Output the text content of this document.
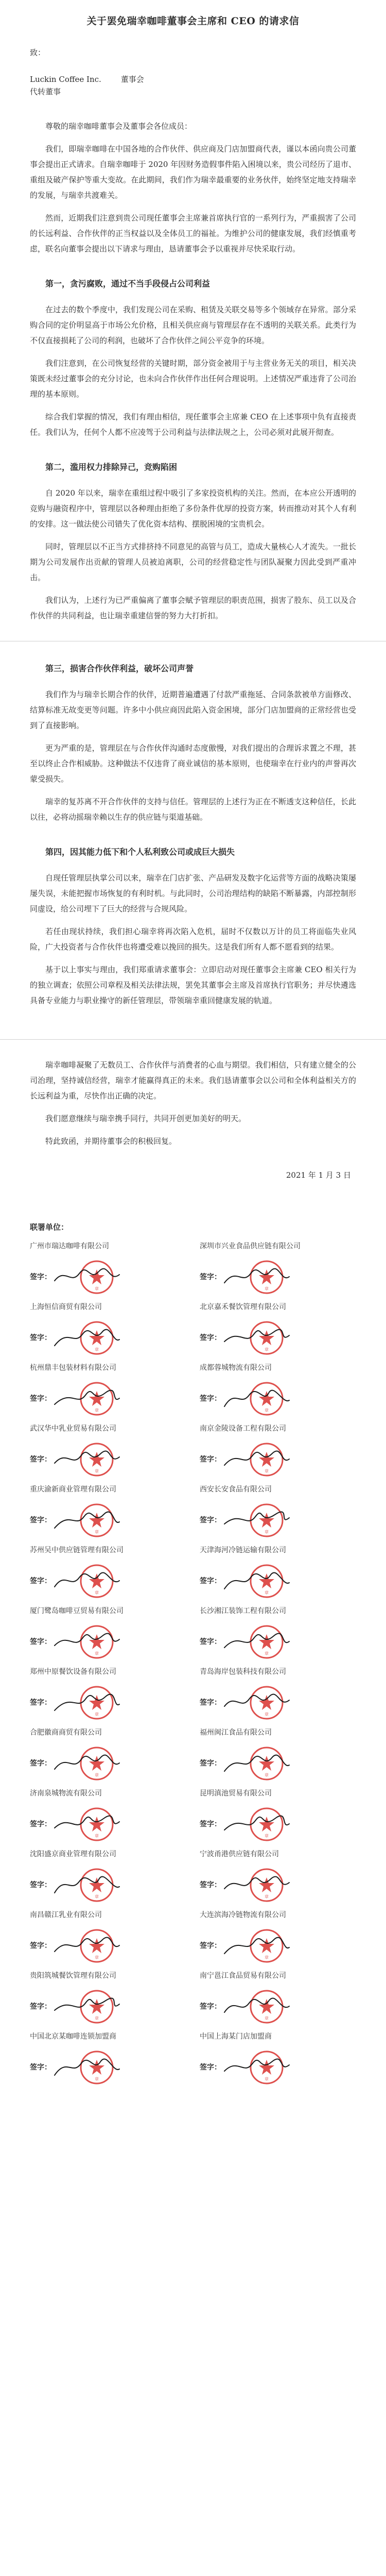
关于罢免瑞幸咖啡董事会主席和 CEO 的请求信

致：

Luckin Coffee Inc.	董事会

代转董事

尊敬的瑞幸咖啡董事会及董事会各位成员：

我们，即瑞幸咖啡在中国各地的合作伙伴、供应商及门店加盟商代表，谨以本函向贵公司董事会提出正式请求。自瑞幸咖啡于 2020 年因财务造假事件陷入困境以来，贵公司经历了退市、重组及破产保护等重大变故。在此期间，我们作为瑞幸最重要的业务伙伴，始终坚定地支持瑞幸的发展，与瑞幸共渡难关。

然而，近期我们注意到贵公司现任董事会主席兼首席执行官的一系列行为，严重损害了公司的长远利益、合作伙伴的正当权益以及全体员工的福祉。为维护公司的健康发展，我们经慎重考虑，联名向董事会提出以下请求与理由，恳请董事会予以重视并尽快采取行动。

第一，贪污腐败，通过不当手段侵占公司利益

在过去的数个季度中，我们发现公司在采购、租赁及关联交易等多个领域存在异常。部分采购合同的定价明显高于市场公允价格，且相关供应商与管理层存在不透明的关联关系。此类行为不仅直接损耗了公司的利润，也破坏了合作伙伴之间公平竞争的环境。

我们注意到，在公司恢复经营的关键时期，部分资金被用于与主营业务无关的项目，相关决策既未经过董事会的充分讨论，也未向合作伙伴作出任何合理说明。上述情况严重违背了公司治理的基本原则。

综合我们掌握的情况，我们有理由相信，现任董事会主席兼 CEO 在上述事项中负有直接责任。我们认为，任何个人都不应凌驾于公司利益与法律法规之上，公司必须对此展开彻查。

第二，滥用权力排除异己，竞购陷困

自 2020 年以来，瑞幸在重组过程中吸引了多家投资机构的关注。然而，在本应公开透明的竞购与融资程序中，管理层以各种理由拒绝了多份条件优厚的投资方案，转而推动对其个人有利的安排。这一做法使公司错失了优化资本结构、摆脱困境的宝贵机会。

同时，管理层以不正当方式排挤持不同意见的高管与员工，造成大量核心人才流失。一批长期为公司发展作出贡献的管理人员被迫离职，公司的经营稳定性与团队凝聚力因此受到严重冲击。

我们认为，上述行为已严重偏离了董事会赋予管理层的职责范围，损害了股东、员工以及合作伙伴的共同利益，也让瑞幸重建信誉的努力大打折扣。

第三，损害合作伙伴利益，破坏公司声誉

我们作为与瑞幸长期合作的伙伴，近期普遍遭遇了付款严重拖延、合同条款被单方面修改、结算标准无故变更等问题。许多中小供应商因此陷入资金困境，部分门店加盟商的正常经营也受到了直接影响。

更为严重的是，管理层在与合作伙伴沟通时态度傲慢，对我们提出的合理诉求置之不理，甚至以终止合作相威胁。这种做法不仅违背了商业诚信的基本原则，也使瑞幸在行业内的声誉再次蒙受损失。

瑞幸的复苏离不开合作伙伴的支持与信任。管理层的上述行为正在不断透支这种信任，长此以往，必将动摇瑞幸赖以生存的供应链与渠道基础。

第四，因其能力低下和个人私利致公司或成巨大损失

自现任管理层执掌公司以来，瑞幸在门店扩张、产品研发及数字化运营等方面的战略决策屡屡失误，未能把握市场恢复的有利时机。与此同时，公司治理结构的缺陷不断暴露，内部控制形同虚设，给公司埋下了巨大的经营与合规风险。

若任由现状持续，我们担心瑞幸将再次陷入危机，届时不仅数以万计的员工将面临失业风险，广大投资者与合作伙伴也将遭受难以挽回的损失。这是我们所有人都不愿看到的结果。

基于以上事实与理由，我们郑重请求董事会：立即启动对现任董事会主席兼 CEO 相关行为的独立调查；依照公司章程及相关法律法规，罢免其董事会主席及首席执行官职务；并尽快遴选具备专业能力与职业操守的新任管理层，带领瑞幸重回健康发展的轨道。

瑞幸咖啡凝聚了无数员工、合作伙伴与消费者的心血与期望。我们相信，只有建立健全的公司治理，坚持诚信经营，瑞幸才能赢得真正的未来。我们恳请董事会以公司和全体利益相关方的长远利益为重，尽快作出正确的决定。

我们愿意继续与瑞幸携手同行，共同开创更加美好的明天。

特此致函，并期待董事会的积极回复。

2021 年 1 月 3 日

联署单位：

广州市瑞达咖啡有限公司
签字：
章
深圳市兴业食品供应链有限公司
签字：
章
上海恒信商贸有限公司
签字：
章
北京嘉禾餐饮管理有限公司
签字：
章
杭州鼎丰包装材料有限公司
签字：
章
成都蓉城物流有限公司
签字：
章
武汉华中乳业贸易有限公司
签字：
章
南京金陵设备工程有限公司
签字：
章
重庆渝新商业管理有限公司
签字：
章
西安长安食品有限公司
签字：
章
苏州吴中供应链管理有限公司
签字：
章
天津海河冷链运输有限公司
签字：
章
厦门鹭岛咖啡豆贸易有限公司
签字：
章
长沙湘江装饰工程有限公司
签字：
章
郑州中原餐饮设备有限公司
签字：
章
青岛海岸包装科技有限公司
签字：
章
合肥徽商商贸有限公司
签字：
章
福州闽江食品有限公司
签字：
章
济南泉城物流有限公司
签字：
章
昆明滇池贸易有限公司
签字：
章
沈阳盛京商业管理有限公司
签字：
章
宁波甬港供应链有限公司
签字：
章
南昌赣江乳业有限公司
签字：
章
大连滨海冷链物流有限公司
签字：
章
贵阳筑城餐饮管理有限公司
签字：
章
南宁邕江食品贸易有限公司
签字：
章
中国北京某咖啡连锁加盟商
签字：
章
中国上海某门店加盟商
签字：
章
